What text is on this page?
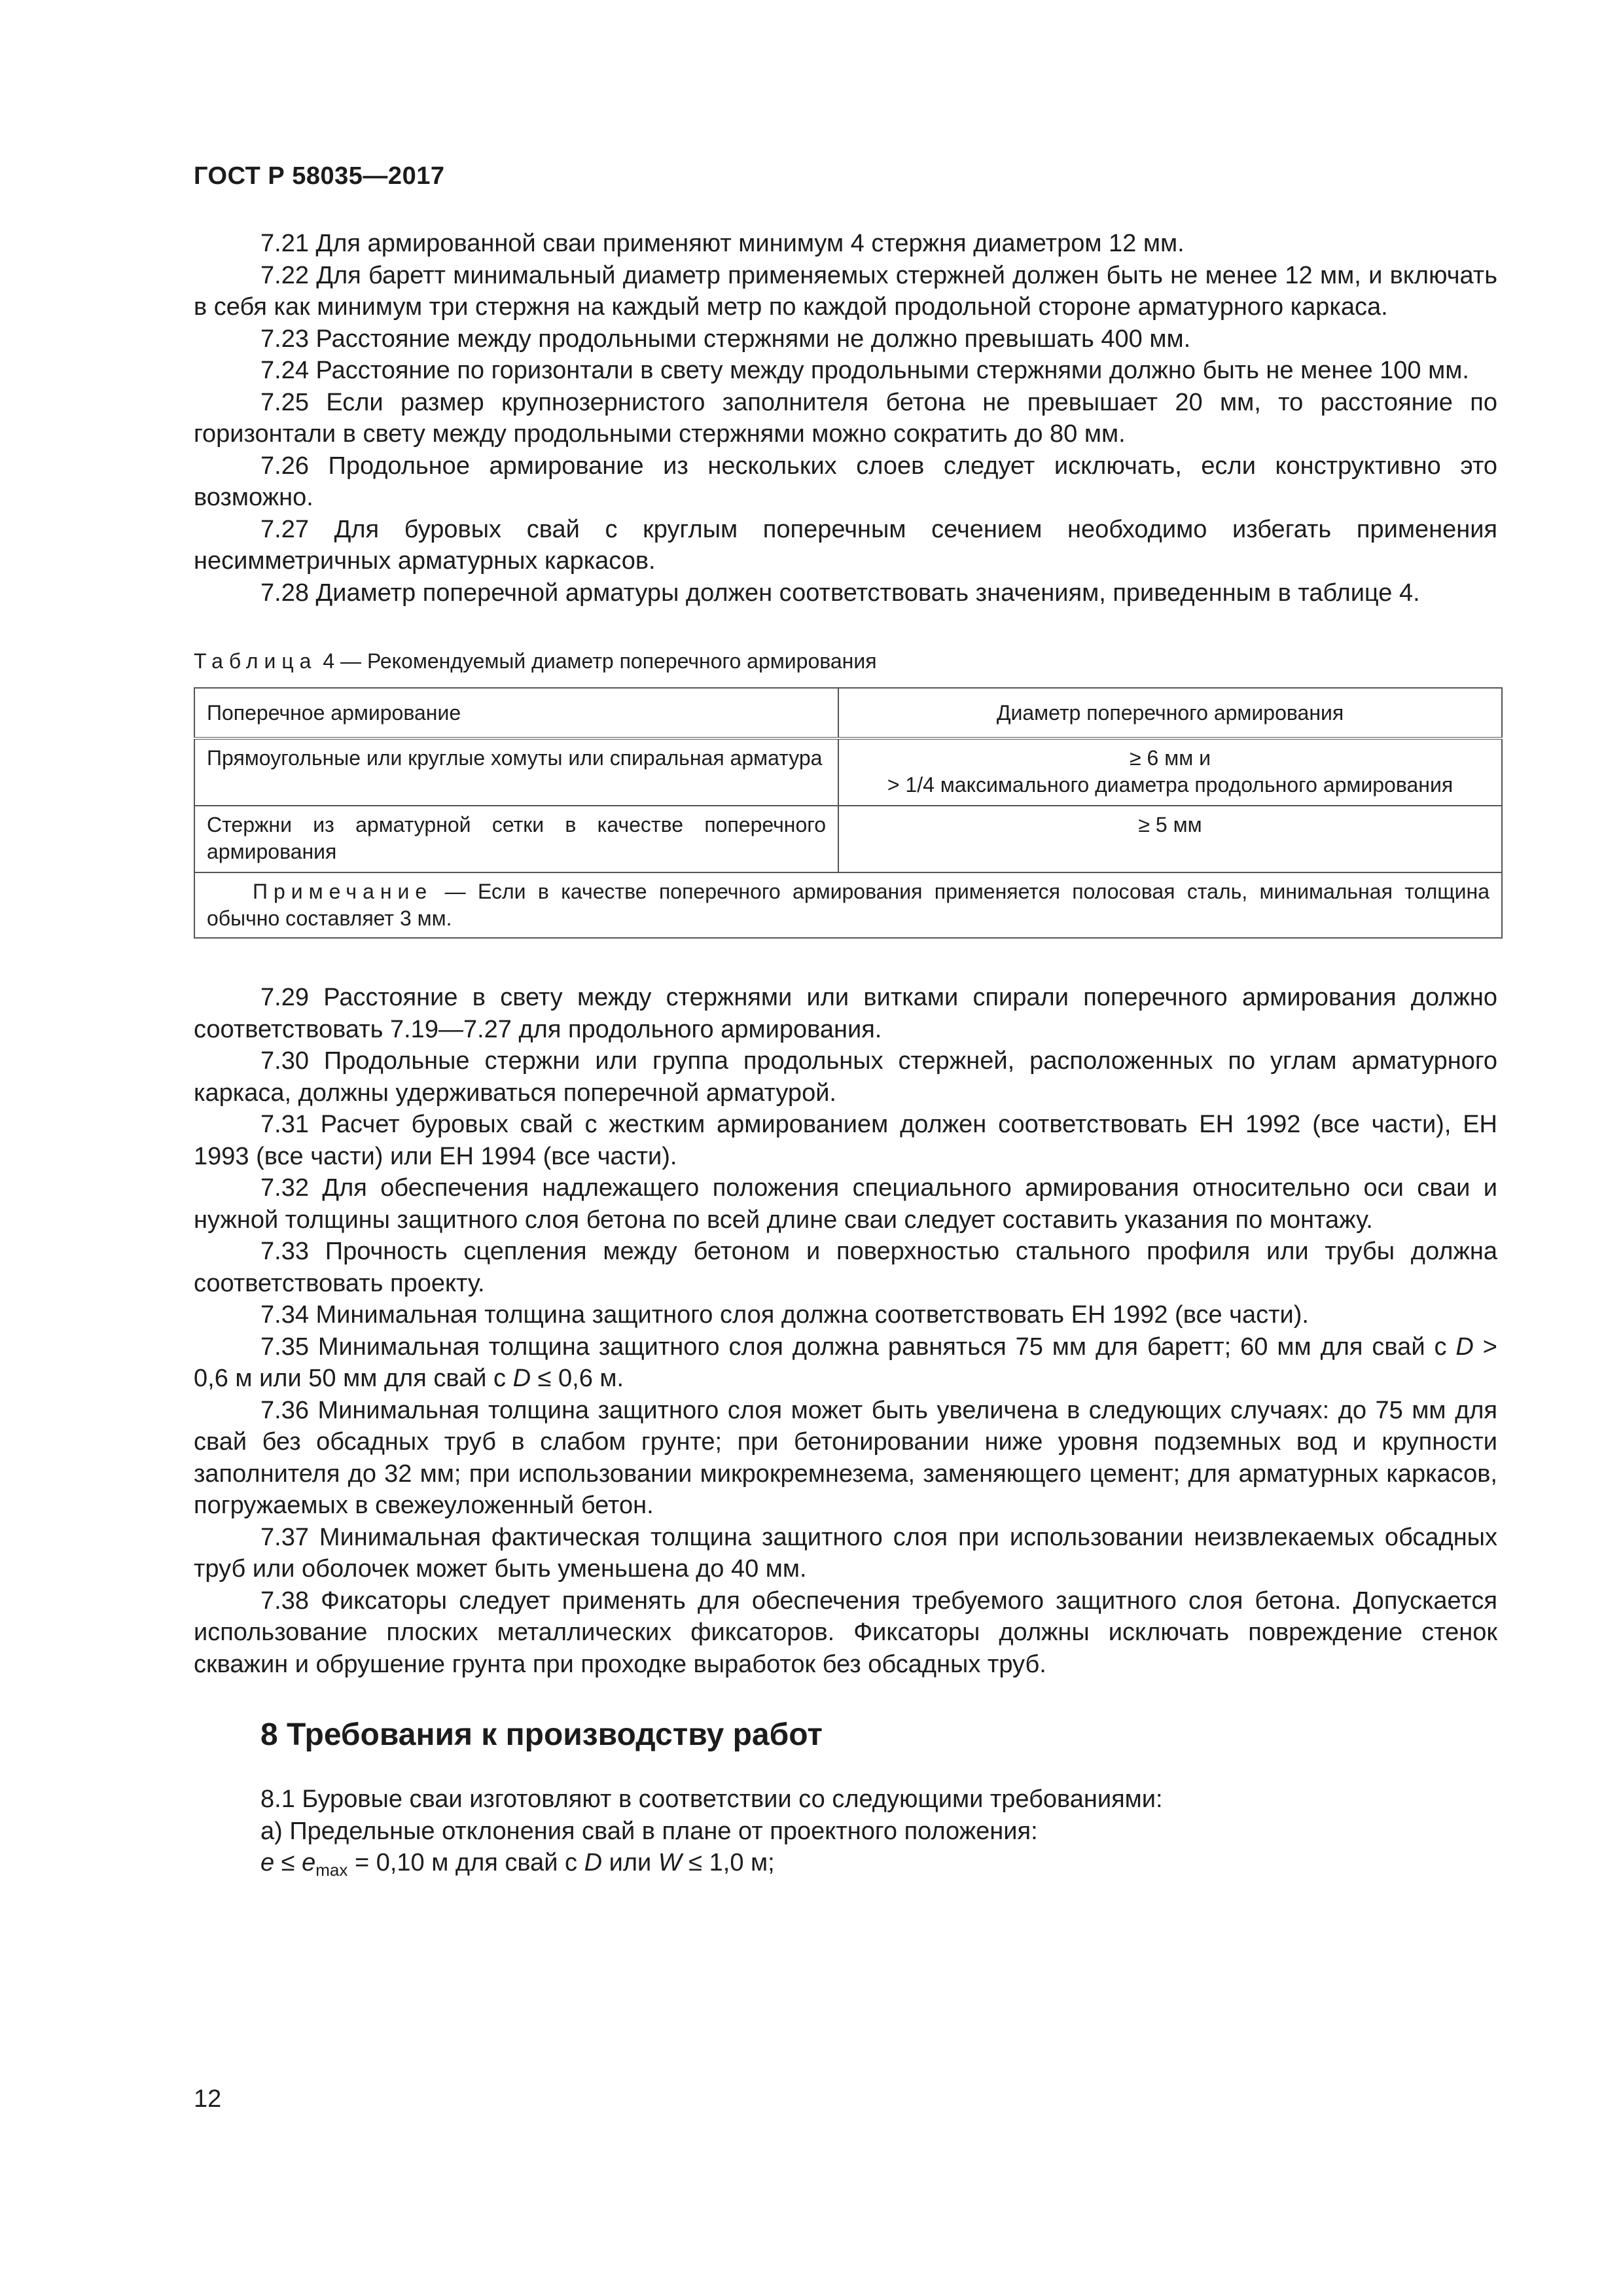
ГОСТ Р 58035—2017

7.21 Для армированной сваи применяют минимум 4 стержня диаметром 12 мм.

7.22 Для баретт минимальный диаметр применяемых стержней должен быть не менее 12 мм, и включать в себя как минимум три стержня на каждый метр по каждой продольной стороне арматурного каркаса.

7.23 Расстояние между продольными стержнями не должно превышать 400 мм.

7.24 Расстояние по горизонтали в свету между продольными стержнями должно быть не менее 100 мм.

7.25 Если размер крупнозернистого заполнителя бетона не превышает 20 мм, то расстояние по горизонтали в свету между продольными стержнями можно сократить до 80 мм.

7.26 Продольное армирование из нескольких слоев следует исключать, если конструктивно это возможно.

7.27 Для буровых свай с круглым поперечным сечением необходимо избегать применения несимметричных арматурных каркасов.

7.28 Диаметр поперечной арматуры должен соответствовать значениям, приведенным в таблице 4.

Таблица 4 — Рекомендуемый диаметр поперечного армирования
Поперечное армирование	Диаметр поперечного армирования
Прямоугольные или круглые хомуты или спиральная арматура	≥ 6 мм и
> 1/4 максимального диаметра продольного армирования

Стержни из арматурной сетки в качестве поперечного армирования	≥ 5 мм

Примечание — Если в качестве поперечного армирования применяется полосовая сталь, минимальная толщина обычно составляет 3 мм.	

7.29 Расстояние в свету между стержнями или витками спирали поперечного армирования должно соответствовать 7.19—7.27 для продольного армирования.

7.30 Продольные стержни или группа продольных стержней, расположенных по углам арматурного каркаса, должны удерживаться поперечной арматурой.

7.31 Расчет буровых свай с жестким армированием должен соответствовать ЕН 1992 (все части), ЕН 1993 (все части) или ЕН 1994 (все части).

7.32 Для обеспечения надлежащего положения специального армирования относительно оси сваи и нужной толщины защитного слоя бетона по всей длине сваи следует составить указания по монтажу.

7.33 Прочность сцепления между бетоном и поверхностью стального профиля или трубы должна соответствовать проекту.

7.34 Минимальная толщина защитного слоя должна соответствовать ЕН 1992 (все части).

7.35 Минимальная толщина защитного слоя должна равняться 75 мм для баретт; 60 мм для свай с D > 0,6 м или 50 мм для свай с D ≤ 0,6 м.

7.36 Минимальная толщина защитного слоя может быть увеличена в следующих случаях: до 75 мм для свай без обсадных труб в слабом грунте; при бетонировании ниже уровня подземных вод и крупности заполнителя до 32 мм; при использовании микрокремнезема, заменяющего цемент; для арматурных каркасов, погружаемых в свежеуложенный бетон.

7.37 Минимальная фактическая толщина защитного слоя при использовании неизвлекаемых обсадных труб или оболочек может быть уменьшена до 40 мм.

7.38 Фиксаторы следует применять для обеспечения требуемого защитного слоя бетона. Допускается использование плоских металлических фиксаторов. Фиксаторы должны исключать повреждение стенок скважин и обрушение грунта при проходке выработок без обсадных труб.

8 Требования к производству работ

8.1 Буровые сваи изготовляют в соответствии со следующими требованиями:

а) Предельные отклонения свай в плане от проектного положения:

$e \le e_{max} = 0,10$ м для свай с D или W ≤ 1,0 м;

12
